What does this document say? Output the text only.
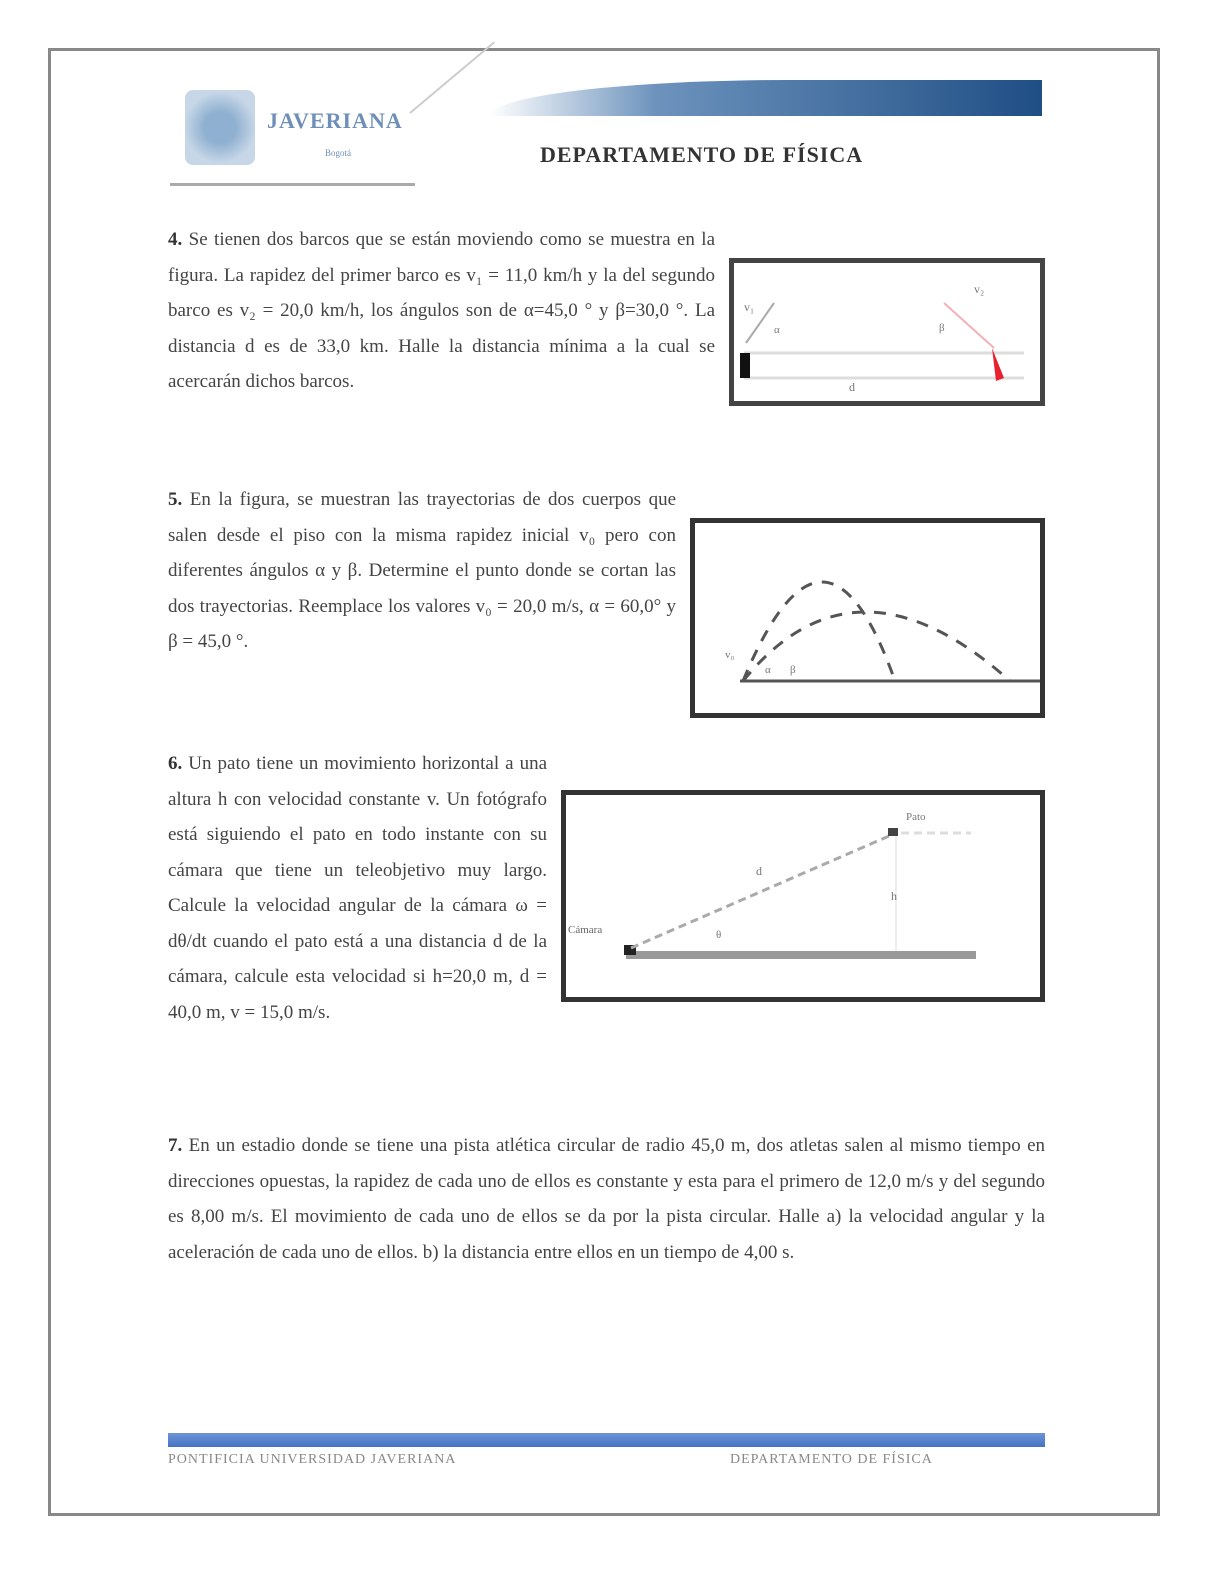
JAVERIANA
Bogotá	DEPARTAMENTO DE FÍSICA
v₁
α
v₂
β
d
4. Se tienen dos barcos que se están moviendo como se muestra en la figura. La rapidez del primer barco es v₁ = 11,0 km/h y la del segundo barco es v₂ = 20,0 km/h, los ángulos son de α=45,0 ° y β=30,0 °. La distancia d es de 33,0 km. Halle la distancia mínima a la cual se acercarán dichos barcos.
v₀
α β
5. En la figura, se muestran las trayectorias de dos cuerpos que salen desde el piso con la misma rapidez inicial v₀ pero con diferentes ángulos α y β. Determine el punto donde se cortan las dos trayectorias. Reemplace los valores v₀ = 20,0 m/s, α = 60,0° y β = 45,0 °.
Pato
d
h
Cámara	θ
6. Un pato tiene un movimiento horizontal a una altura h con velocidad constante v. Un fotógrafo está siguiendo el pato en todo instante con su cámara que tiene un teleobjetivo muy largo. Calcule la velocidad angular de la cámara ω = dθ/dt cuando el pato está a una distancia d de la cámara, calcule esta velocidad si h=20,0 m, d = 40,0 m, v = 15,0 m/s.
7. En un estadio donde se tiene una pista atlética circular de radio 45,0 m, dos atletas salen al mismo tiempo en direcciones opuestas, la rapidez de cada uno de ellos es constante y esta para el primero de 12,0 m/s y del segundo es 8,00 m/s. El movimiento de cada uno de ellos se da por la pista circular. Halle a) la velocidad angular y la aceleración de cada uno de ellos. b) la distancia entre ellos en un tiempo de 4,00 s.
PONTIFICIA UNIVERSIDAD JAVERIANA	DEPARTAMENTO DE FÍSICA
